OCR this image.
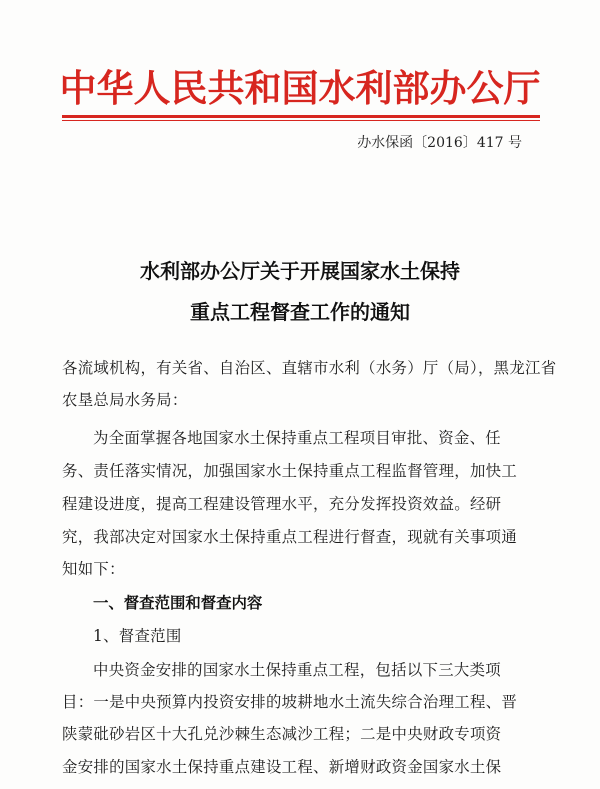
中华人民共和国水利部办公厅
办水保函〔2016〕417 号
水利部办公厅关于开展国家水土保持
重点工程督查工作的通知
各流域机构，有关省、自治区、直辖市水利（水务）厅（局），黑龙江省
农垦总局水务局：
为全面掌握各地国家水土保持重点工程项目审批、资金、任
务、责任落实情况，加强国家水土保持重点工程监督管理，加快工
程建设进度，提高工程建设管理水平，充分发挥投资效益。经研
究，我部决定对国家水土保持重点工程进行督查，现就有关事项通
知如下：
一、督查范围和督查内容
1、督查范围
中央资金安排的国家水土保持重点工程，包括以下三大类项
目：一是中央预算内投资安排的坡耕地水土流失综合治理工程、晋
陕蒙砒砂岩区十大孔兑沙棘生态减沙工程；二是中央财政专项资
金安排的国家水土保持重点建设工程、新增财政资金国家水土保
